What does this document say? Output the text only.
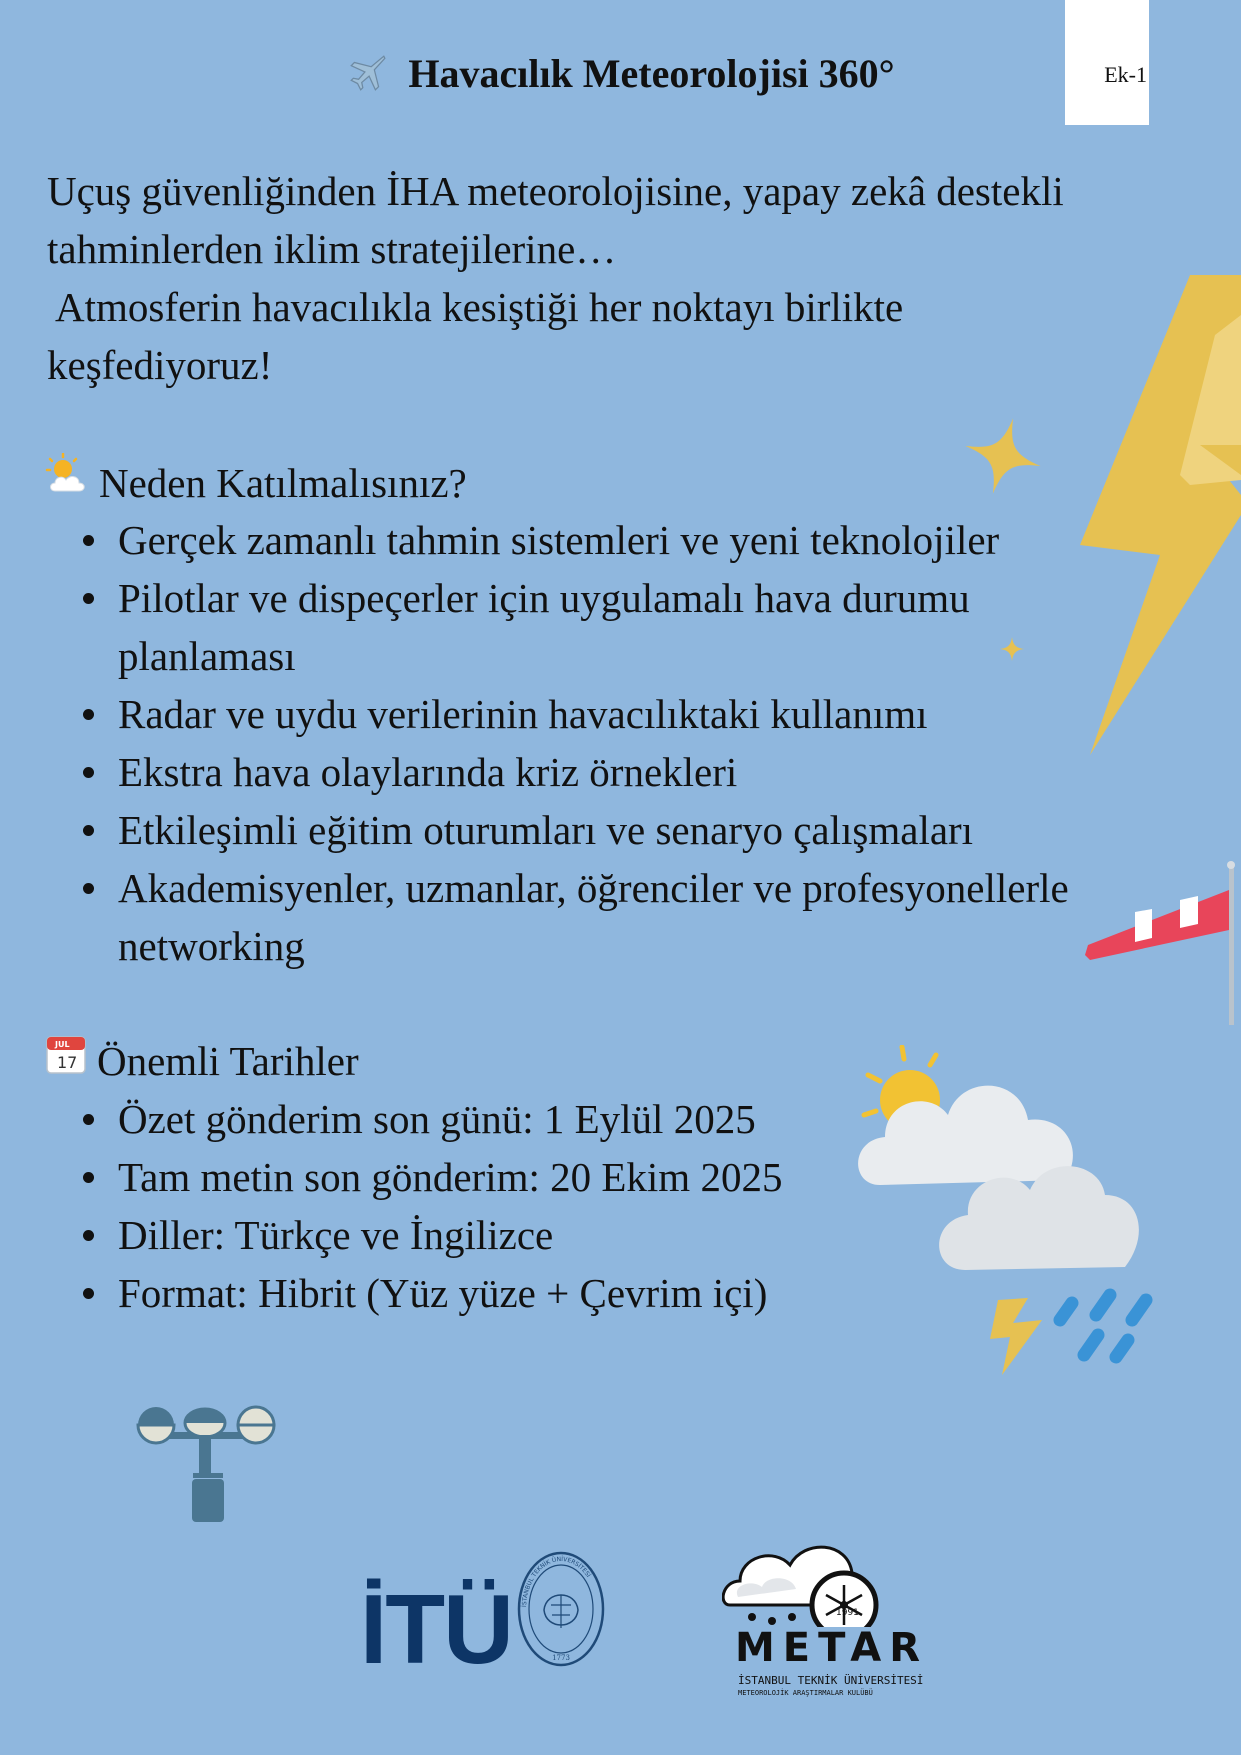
Ek-1
Havacılık Meteorolojisi 360°
Uçuş güvenliğinden İHA meteorolojisine, yapay zekâ destekli
tahminlerden iklim stratejilerine…
Atmosferin havacılıkla kesiştiği her noktayı birlikte
keşfediyoruz!
Neden Katılmalısınız?
Gerçek zamanlı tahmin sistemleri ve yeni teknolojiler
Pilotlar ve dispeçerler için uygulamalı hava durumu planlaması
Radar ve uydu verilerinin havacılıktaki kullanımı
Ekstra hava olaylarında kriz örnekleri
Etkileşimli eğitim oturumları ve senaryo çalışmaları
Akademisyenler, uzmanlar, öğrenciler ve profesyonellerle networking
JUL
17 Önemli Tarihler
Özet gönderim son günü: 1 Eylül 2025
Tam metin son gönderim: 20 Ekim 2025
Diller: Türkçe ve İngilizce
Format: Hibrit (Yüz yüze + Çevrim içi)
İTÜ	1773
İSTANBUL TEKNİK ÜNİVERSİTESİ
1991
METAR
İSTANBUL TEKNİK ÜNİVERSİTESİ
METEOROLOJİK ARAŞTIRMALAR KULÜBÜ
